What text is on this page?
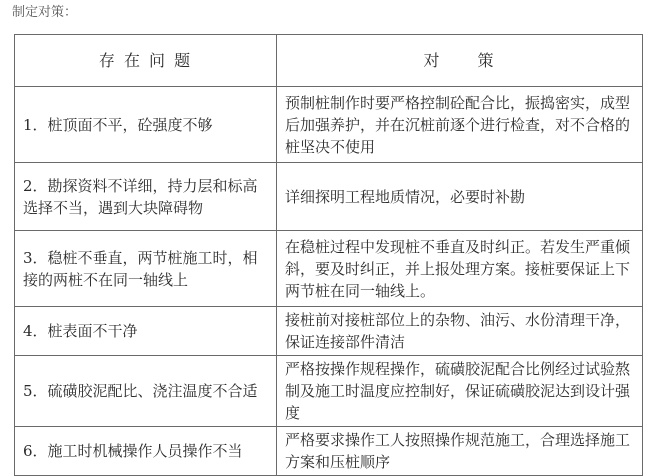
制定对策：
存 在 问 题	对　　策
1．桩顶面不平，砼强度不够	预制桩制作时要严格控制砼配合比，振捣密实，成型后加强养护，并在沉桩前逐个进行检查，对不合格的桩坚决不使用
2．勘探资料不详细，持力层和标高选择不当，遇到大块障碍物	详细探明工程地质情况，必要时补勘
3．稳桩不垂直，两节桩施工时，相接的两桩不在同一轴线上	在稳桩过程中发现桩不垂直及时纠正。若发生严重倾斜，要及时纠正，并上报处理方案。接桩要保证上下两节桩在同一轴线上。
4．桩表面不干净	接桩前对接桩部位上的杂物、油污、水份清理干净，保证连接部件清洁
5．硫磺胶泥配比、浇注温度不合适	严格按操作规程操作，硫磺胶泥配合比例经过试验熬制及施工时温度应控制好，保证硫磺胶泥达到设计强度
6．施工时机械操作人员操作不当	严格要求操作工人按照操作规范施工，合理选择施工方案和压桩顺序
